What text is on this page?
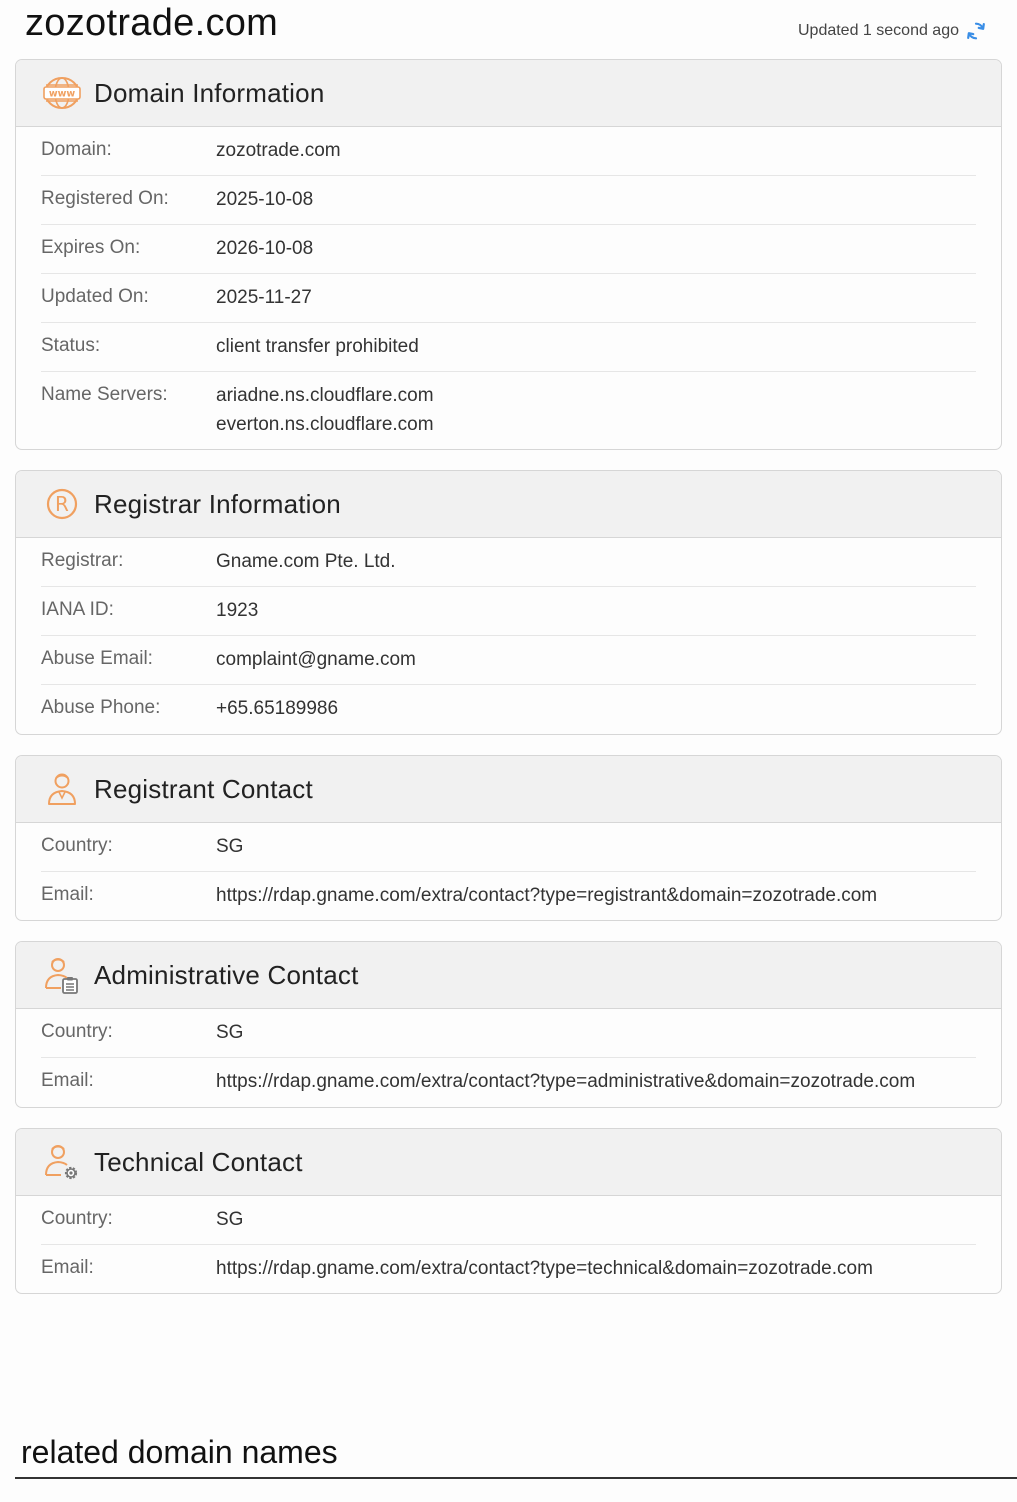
zozotrade.com	Updated 1 second ago
www Domain Information
Domain:	zozotrade.com
Registered On:	2025-10-08
Expires On:	2026-10-08
Updated On:	2025-11-27
Status:	client transfer prohibited
Name Servers:	ariadne.ns.cloudflare.com
everton.ns.cloudflare.com
R Registrar Information
Registrar:	Gname.com Pte. Ltd.
IANA ID:	1923
Abuse Email:	complaint@gname.com
Abuse Phone:	+65.65189986
Registrant Contact
Country:	SG
Email:	https://rdap.gname.com/extra/contact?type=registrant&domain=zozotrade.com
Administrative Contact
Country:	SG
Email:	https://rdap.gname.com/extra/contact?type=administrative&domain=zozotrade.com
Technical Contact
Country:	SG
Email:	https://rdap.gname.com/extra/contact?type=technical&domain=zozotrade.com
related domain names
